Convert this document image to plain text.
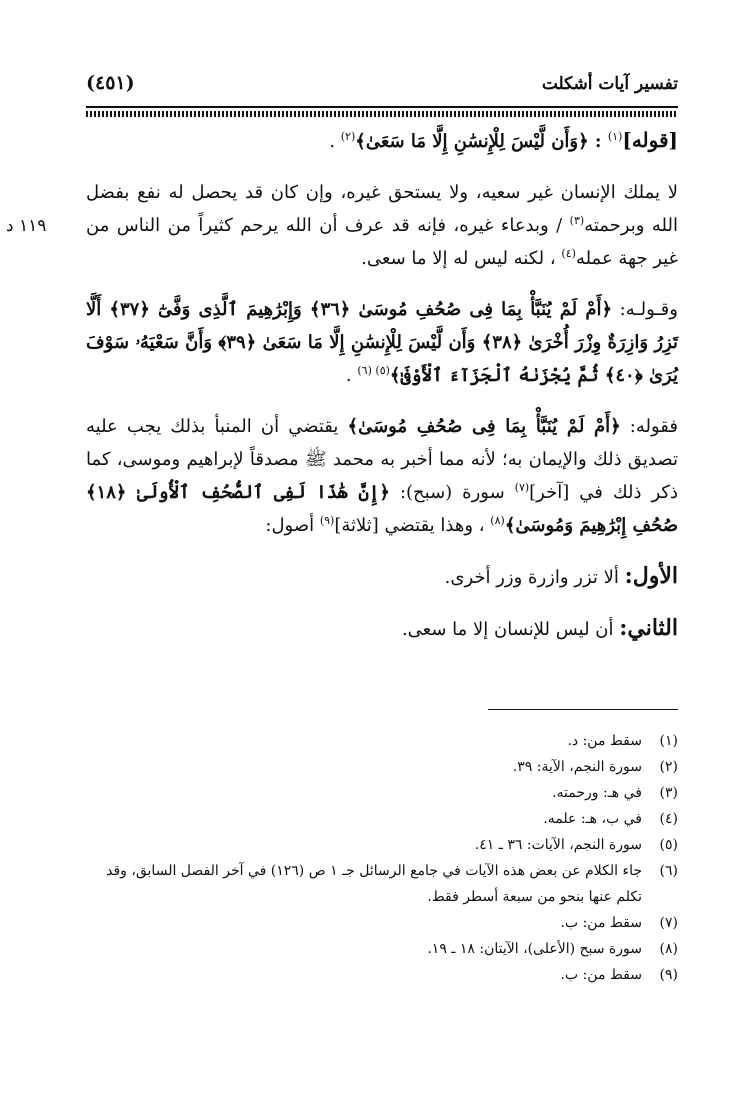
تفسير آيات أشكلت
(٤٥١)
١١٩ د

[قوله]$^{(١)}$ : ﴿وَأَن لَّيْسَ لِلْإِنسَٰنِ إِلَّا مَا سَعَىٰ﴾$^{(٢)}$ .

لا يملك الإنسان غير سعيه، ولا يستحق غيره، وإن كان قد يحصل له نفع بفضل الله وبرحمته$^{(٣)}$ / وبدعاء غيره، فإنه قد عرف أن الله يرحم كثيراً من الناس من غير جهة عمله$^{(٤)}$ ، لكنه ليس له إلا ما سعى.

وقـولـه: ﴿أَمْ لَمْ يُنَبَّأْ بِمَا فِى صُحُفِ مُوسَىٰ ﴿٣٦﴾ وَإِبْرَٰهِيمَ ٱلَّذِى وَفَّىٰٓ ﴿٣٧﴾ أَلَّا تَزِرُ وَازِرَةٌ وِزْرَ أُخْرَىٰ ﴿٣٨﴾ وَأَن لَّيْسَ لِلْإِنسَٰنِ إِلَّا مَا سَعَىٰ ﴿٣٩﴾ وَأَنَّ سَعْيَهُۥ سَوْفَ يُرَىٰ ﴿٤٠﴾ ثُمَّ يُجْزَىٰهُ ٱلْجَزَآءَ ٱلْأَوْفَىٰ﴾$^{(٥) (٦)}$ .

فقوله: ﴿أَمْ لَمْ يُنَبَّأْ بِمَا فِى صُحُفِ مُوسَىٰ﴾ يقتضي أن المنبأ بذلك يجب عليه تصديق ذلك والإيمان به؛ لأنه مما أخبر به محمد ﷺ مصدقاً لإبراهيم وموسى، كما ذكر ذلك في [آخر]$^{(٧)}$ سورة (سبح): ﴿إِنَّ هَٰذَا لَفِى ٱلصُّحُفِ ٱلْأُولَىٰ ﴿١٨﴾ صُحُفِ إِبْرَٰهِيمَ وَمُوسَىٰ﴾$^{(٨)}$ ، وهذا يقتضي [ثلاثة]$^{(٩)}$ أصول:

الأول: ألا تزر وازرة وزر أخرى.

الثاني: أن ليس للإنسان إلا ما سعى.

(١)
سقط من: د.
(٢)
سورة النجم، الآية: ٣٩.
(٣)
في هـ: ورحمته.
(٤)
في ب، هـ: علمه.
(٥)
سورة النجم، الآيات: ٣٦ ـ ٤١.
(٦)
جاء الكلام عن بعض هذه الآيات في جامع الرسائل جـ ١ ص (١٢٦) في آخر الفصل السابق، وقد تكلم عنها بنحو من سبعة أسطر فقط.
(٧)
سقط من: ب.
(٨)
سورة سبح (الأعلى)، الآيتان: ١٨ ـ ١٩.
(٩)
سقط من: ب.
